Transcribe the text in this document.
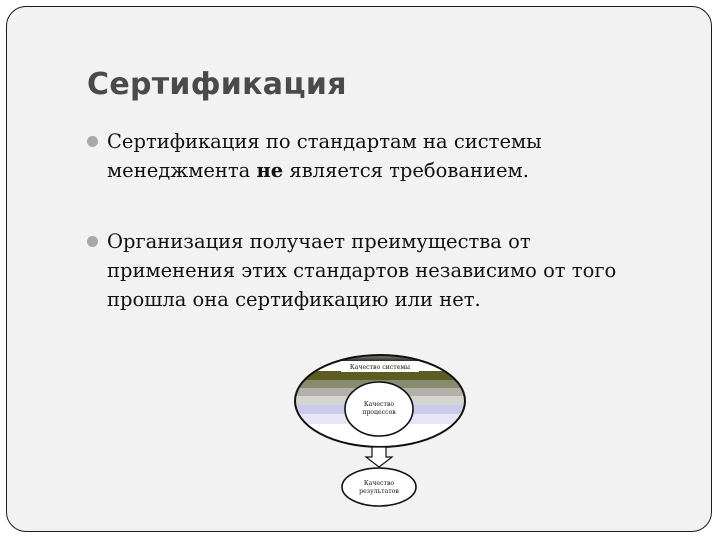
Сертификация
Сертификация по стандартам на системы менеджмента не является требованием.
Организация получает преимущества от применения этих стандартов независимо от того прошла она сертификацию или нет.
Качество системы
Качество
процессов
Качество
результатов
